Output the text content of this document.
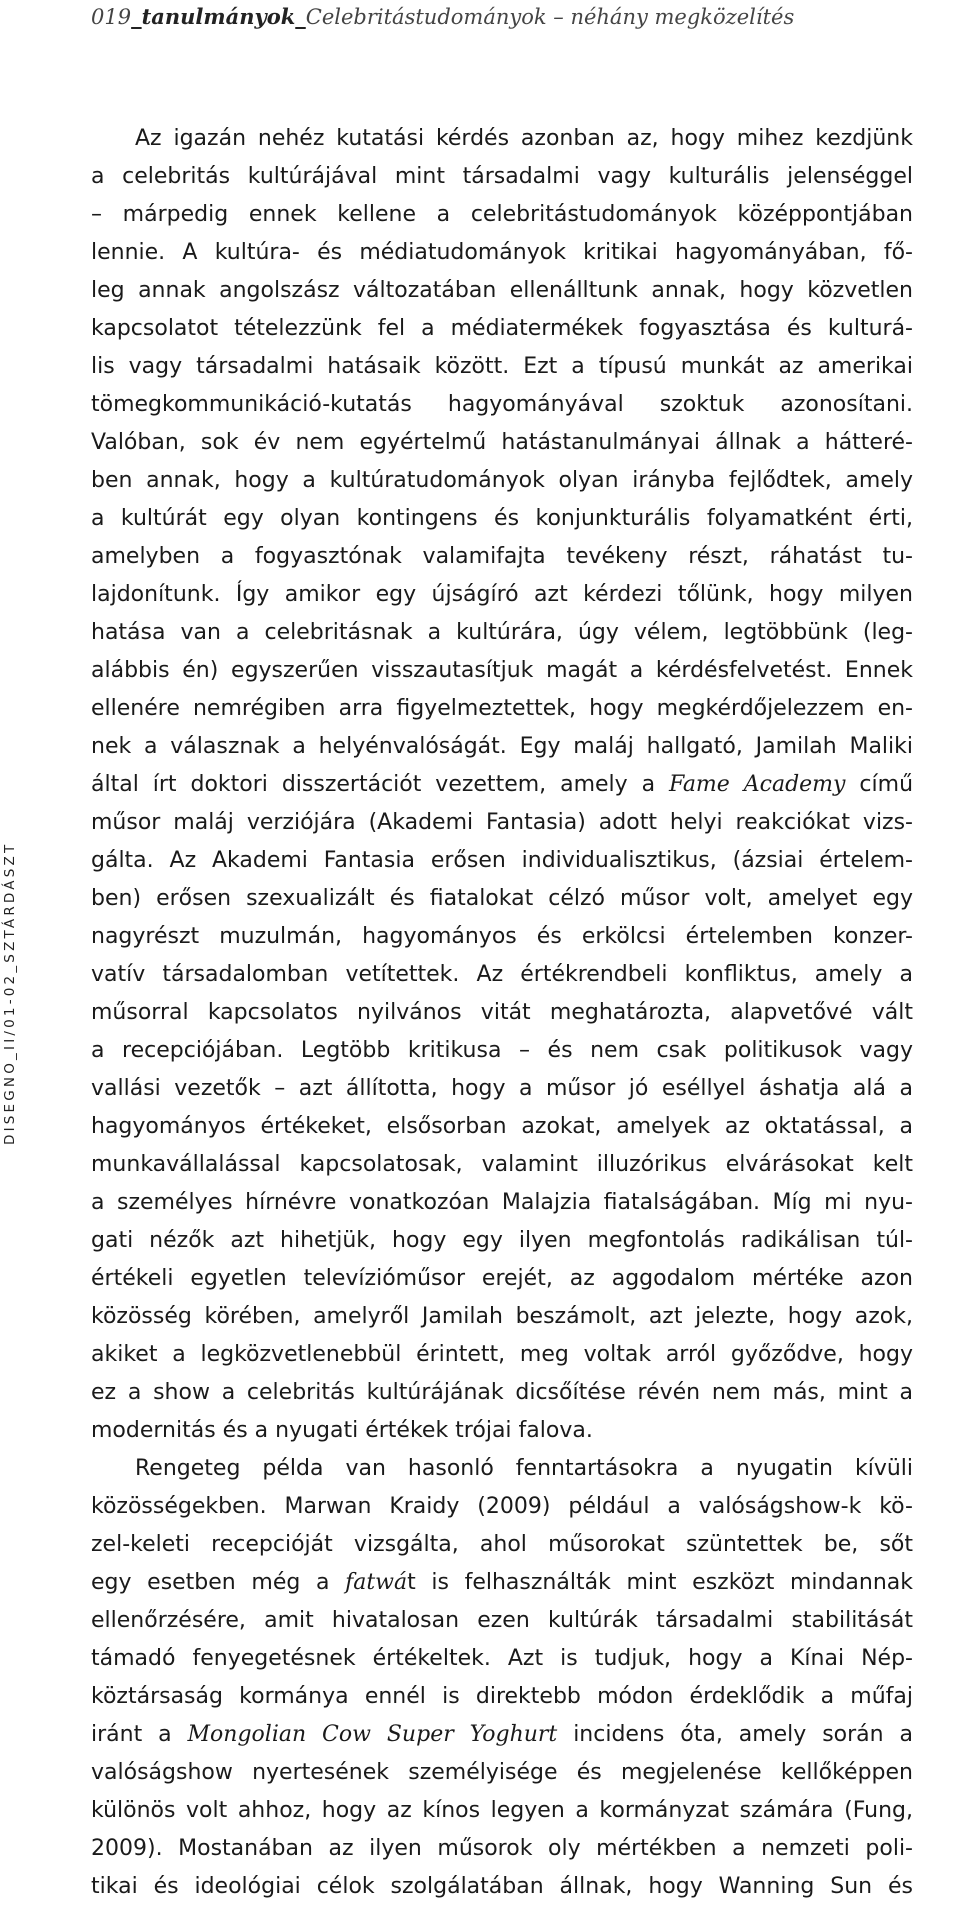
019_tanulmányok_Celebritástudományok – néhány megközelítés
DISEGNO_II/01-02_SZTÁRDÁSZT
Az igazán nehéz kutatási kérdés azonban az, hogy mihez kezdjünk
a celebritás kultúrájával mint társadalmi vagy kulturális jelenséggel
– márpedig ennek kellene a celebritástudományok középpontjában
lennie. A kultúra- és médiatudományok kritikai hagyományában, fő-
leg annak angolszász változatában ellenálltunk annak, hogy közvetlen
kapcsolatot tételezzünk fel a médiatermékek fogyasztása és kulturá-
lis vagy társadalmi hatásaik között. Ezt a típusú munkát az amerikai
tömegkommunikáció-kutatás hagyományával szoktuk azonosítani.
Valóban, sok év nem egyértelmű hatástanulmányai állnak a hátteré-
ben annak, hogy a kultúratudományok olyan irányba fejlődtek, amely
a kultúrát egy olyan kontingens és konjunkturális folyamatként érti,
amelyben a fogyasztónak valamifajta tevékeny részt, ráhatást tu-
lajdonítunk. Így amikor egy újságíró azt kérdezi tőlünk, hogy milyen
hatása van a celebritásnak a kultúrára, úgy vélem, legtöbbünk (leg-
alábbis én) egyszerűen visszautasítjuk magát a kérdésfelvetést. Ennek
ellenére nemrégiben arra figyelmeztettek, hogy megkérdőjelezzem en-
nek a válasznak a helyénvalóságát. Egy maláj hallgató, Jamilah Maliki
által írt doktori disszertációt vezettem, amely a Fame Academy című
műsor maláj verziójára (Akademi Fantasia) adott helyi reakciókat vizs-
gálta. Az Akademi Fantasia erősen individualisztikus, (ázsiai értelem-
ben) erősen szexualizált és fiatalokat célzó műsor volt, amelyet egy
nagyrészt muzulmán, hagyományos és erkölcsi értelemben konzer-
vatív társadalomban vetítettek. Az értékrendbeli konfliktus, amely a
műsorral kapcsolatos nyilvános vitát meghatározta, alapvetővé vált
a recepciójában. Legtöbb kritikusa – és nem csak politikusok vagy
vallási vezetők – azt állította, hogy a műsor jó eséllyel áshatja alá a
hagyományos értékeket, elsősorban azokat, amelyek az oktatással, a
munkavállalással kapcsolatosak, valamint illuzórikus elvárásokat kelt
a személyes hírnévre vonatkozóan Malajzia fiatalságában. Míg mi nyu-
gati nézők azt hihetjük, hogy egy ilyen megfontolás radikálisan túl-
értékeli egyetlen televízióműsor erejét, az aggodalom mértéke azon
közösség körében, amelyről Jamilah beszámolt, azt jelezte, hogy azok,
akiket a legközvetlenebbül érintett, meg voltak arról győződve, hogy
ez a show a celebritás kultúrájának dicsőítése révén nem más, mint a
modernitás és a nyugati értékek trójai falova.
Rengeteg példa van hasonló fenntartásokra a nyugatin kívüli
közösségekben. Marwan Kraidy (2009) például a valóságshow-k kö-
zel-keleti recepcióját vizsgálta, ahol műsorokat szüntettek be, sőt
egy esetben még a fatwát is felhasználták mint eszközt mindannak
ellenőrzésére, amit hivatalosan ezen kultúrák társadalmi stabilitását
támadó fenyegetésnek értékeltek. Azt is tudjuk, hogy a Kínai Nép-
köztársaság kormánya ennél is direktebb módon érdeklődik a műfaj
iránt a Mongolian Cow Super Yoghurt incidens óta, amely során a
valóságshow nyertesének személyisége és megjelenése kellőképpen
különös volt ahhoz, hogy az kínos legyen a kormányzat számára (Fung,
2009). Mostanában az ilyen műsorok oly mértékben a nemzeti poli-
tikai és ideológiai célok szolgálatában állnak, hogy Wanning Sun és
